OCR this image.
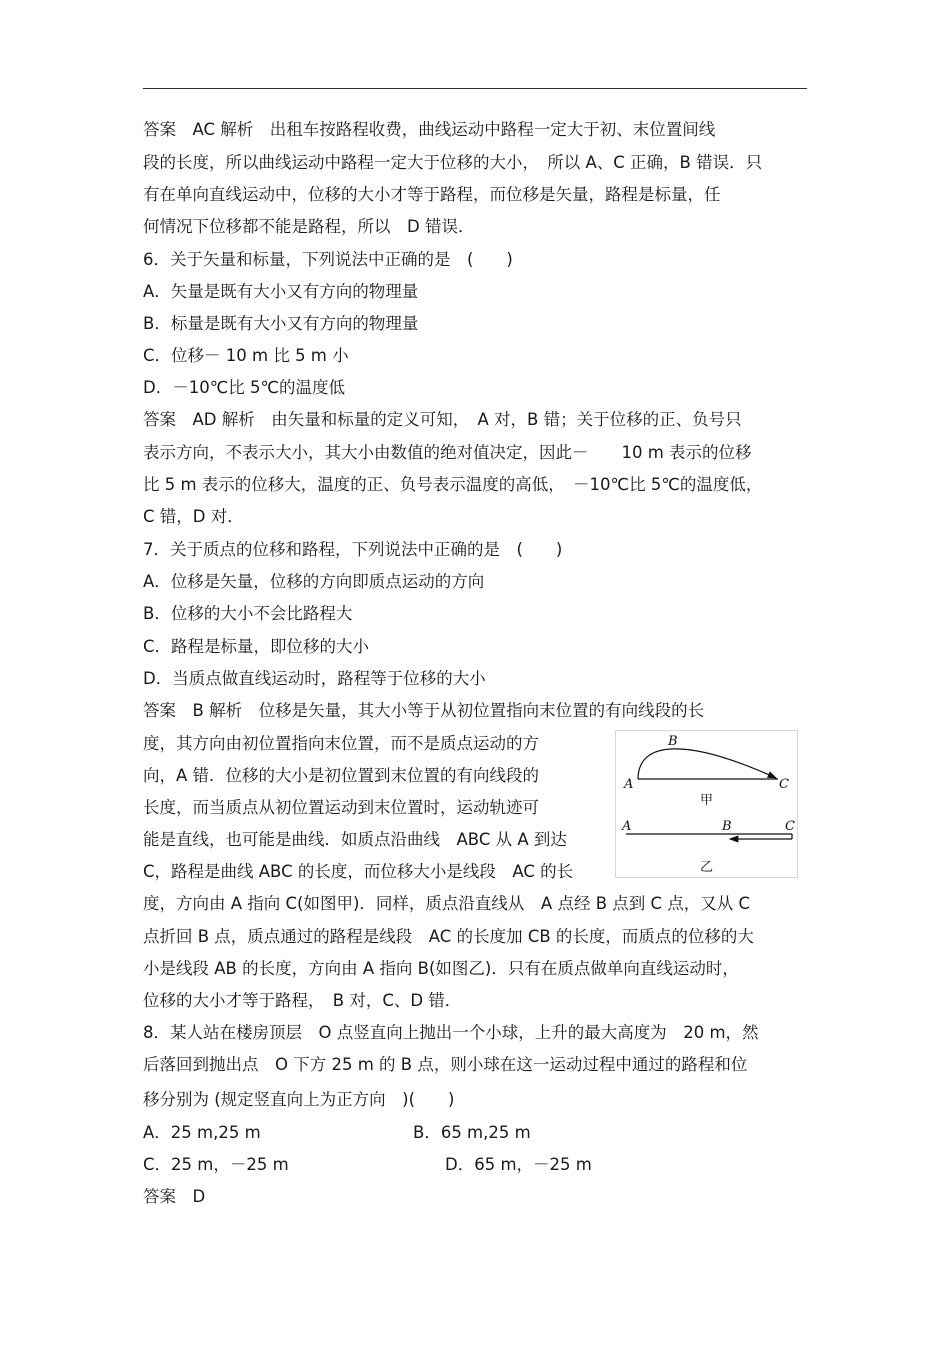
答案　AC 解析　出租车按路程收费，曲线运动中路程一定大于初、末位置间线
段的长度，所以曲线运动中路程一定大于位移的大小，　所以 A、C 正确，B 错误．只
有在单向直线运动中，位移的大小才等于路程，而位移是矢量，路程是标量，任
何情况下位移都不能是路程，所以　D 错误．
6．关于矢量和标量，下列说法中正确的是　(　　)
A．矢量是既有大小又有方向的物理量
B．标量是既有大小又有方向的物理量
C．位移－ 10 m 比 5 m 小
D．－10℃比 5℃的温度低
答案　AD 解析　由矢量和标量的定义可知，　A 对，B 错；关于位移的正、负号只
表示方向，不表示大小，其大小由数值的绝对值决定，因此－　　10 m 表示的位移
比 5 m 表示的位移大，温度的正、负号表示温度的高低，　－10℃比 5℃的温度低，
C 错，D 对．
7．关于质点的位移和路程，下列说法中正确的是　(　　)
A．位移是矢量，位移的方向即质点运动的方向
B．位移的大小不会比路程大
C．路程是标量，即位移的大小
D．当质点做直线运动时，路程等于位移的大小
答案　B 解析　位移是矢量，其大小等于从初位置指向末位置的有向线段的长
度，其方向由初位置指向末位置，而不是质点运动的方
向，A 错．位移的大小是初位置到末位置的有向线段的
长度，而当质点从初位置运动到末位置时，运动轨迹可
能是直线，也可能是曲线．如质点沿曲线　ABC 从 A 到达
C，路程是曲线 ABC 的长度，而位移大小是线段　AC 的长
度，方向由 A 指向 C(如图甲)．同样，质点沿直线从　A 点经 B 点到 C 点，又从 C
点折回 B 点，质点通过的路程是线段　AC 的长度加 CB 的长度，而质点的位移的大
小是线段 AB 的长度，方向由 A 指向 B(如图乙)．只有在质点做单向直线运动时，
位移的大小才等于路程，　B 对，C、D 错．
8．某人站在楼房顶层　O 点竖直向上抛出一个小球，上升的最大高度为　20 m，然
后落回到抛出点　O 下方 25 m 的 B 点，则小球在这一运动过程中通过的路程和位
移分别为 (规定竖直向上为正方向　)(　　)
A．25 m,25 m	B．65 m,25 m
C．25 m，－25 m	D．65 m，－25 m
答案　D
A
B
C
甲
A	B	C
乙
